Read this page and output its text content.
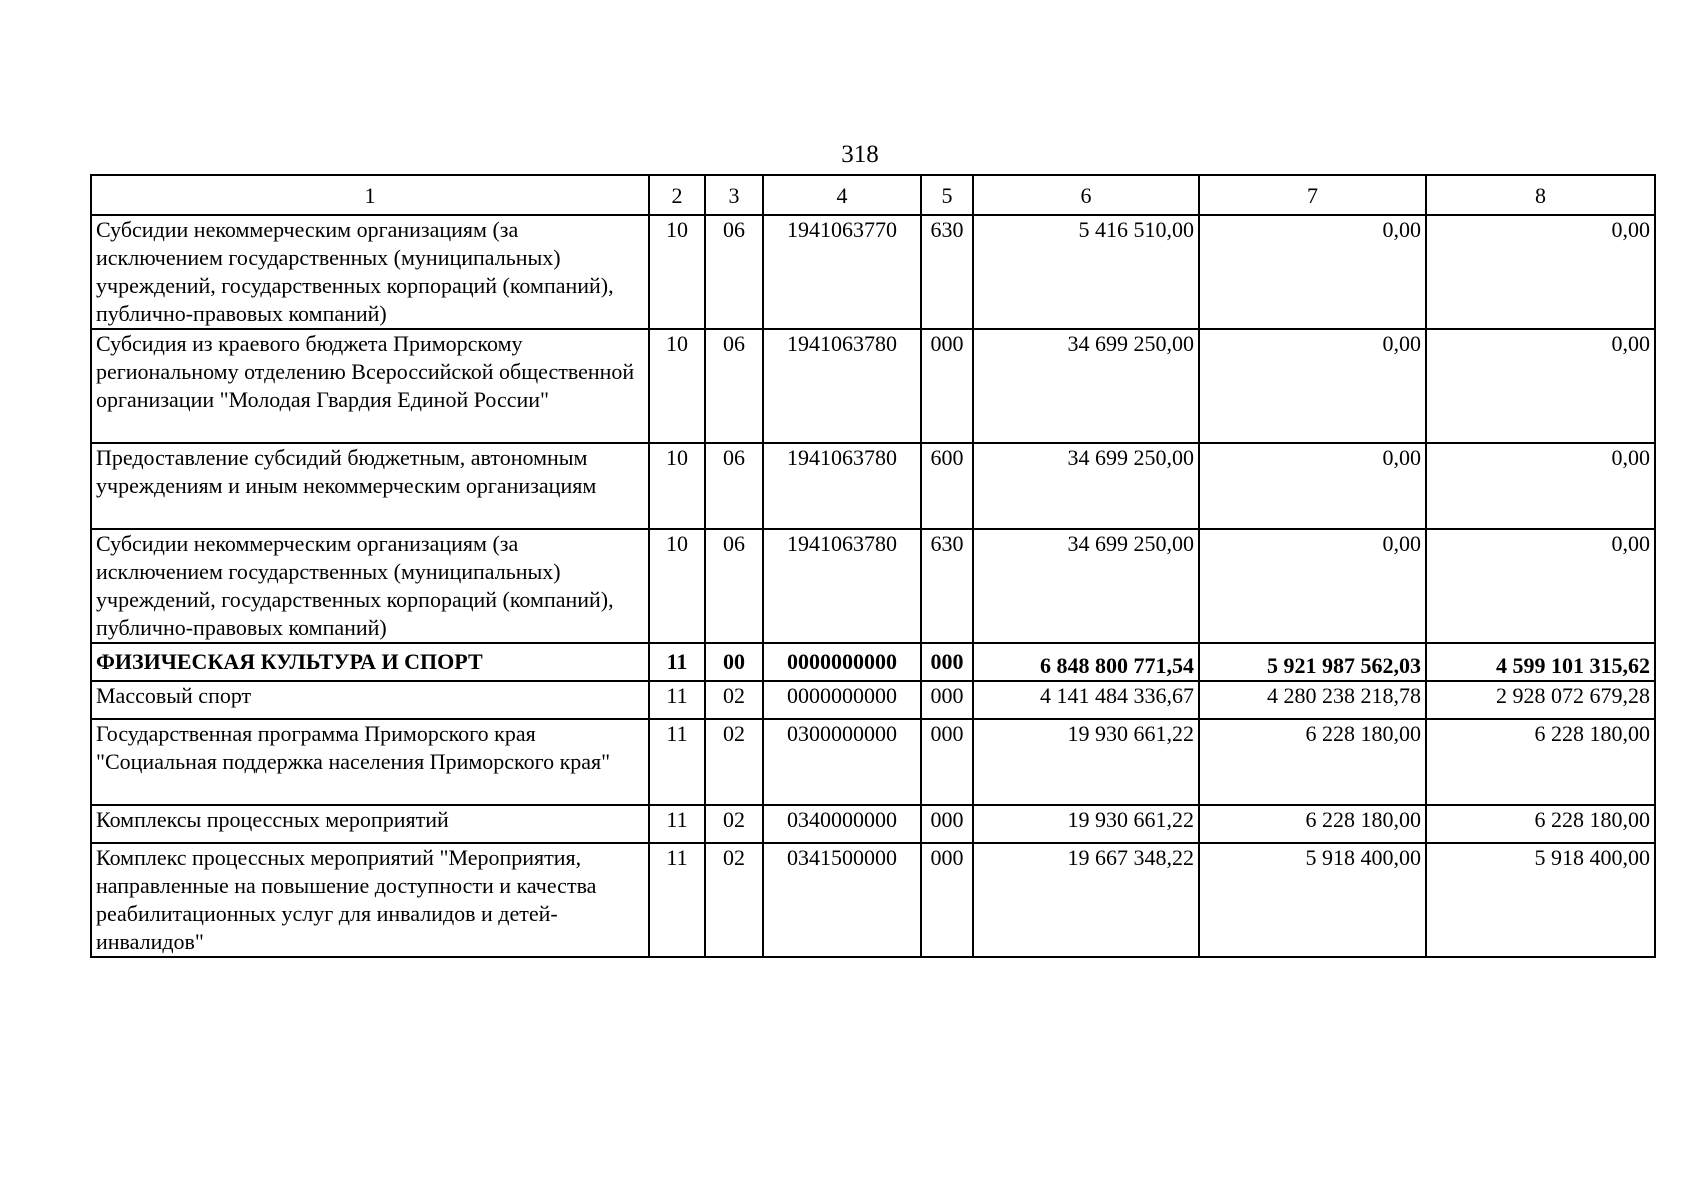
318
1	2	3	4	5	6	7	8
Субсидии некоммерческим организациям (за исключением государственных (муниципальных) учреждений, государственных корпораций (компаний), публично-правовых компаний)	10	06	1941063770	630	5 416 510,00	0,00	0,00
Субсидия из краевого бюджета Приморскому региональному отделению Всероссийской общественной организации "Молодая Гвардия Единой России"	10	06	1941063780	000	34 699 250,00	0,00	0,00
Предоставление субсидий бюджетным, автономным учреждениям и иным некоммерческим организациям	10	06	1941063780	600	34 699 250,00	0,00	0,00
Субсидии некоммерческим организациям (за исключением государственных (муниципальных) учреждений, государственных корпораций (компаний), публично-правовых компаний)	10	06	1941063780	630	34 699 250,00	0,00	0,00
ФИЗИЧЕСКАЯ КУЛЬТУРА И СПОРТ	11	00	0000000000	000	6 848 800 771,54	5 921 987 562,03	4 599 101 315,62
Массовый спорт	11	02	0000000000	000	4 141 484 336,67	4 280 238 218,78	2 928 072 679,28
Государственная программа Приморского края "Социальная поддержка населения Приморского края"	11	02	0300000000	000	19 930 661,22	6 228 180,00	6 228 180,00
Комплексы процессных мероприятий	11	02	0340000000	000	19 930 661,22	6 228 180,00	6 228 180,00
Комплекс процессных мероприятий "Мероприятия, направленные на повышение доступности и качества реабилитационных услуг для инвалидов и детей-инвалидов"	11	02	0341500000	000	19 667 348,22	5 918 400,00	5 918 400,00
